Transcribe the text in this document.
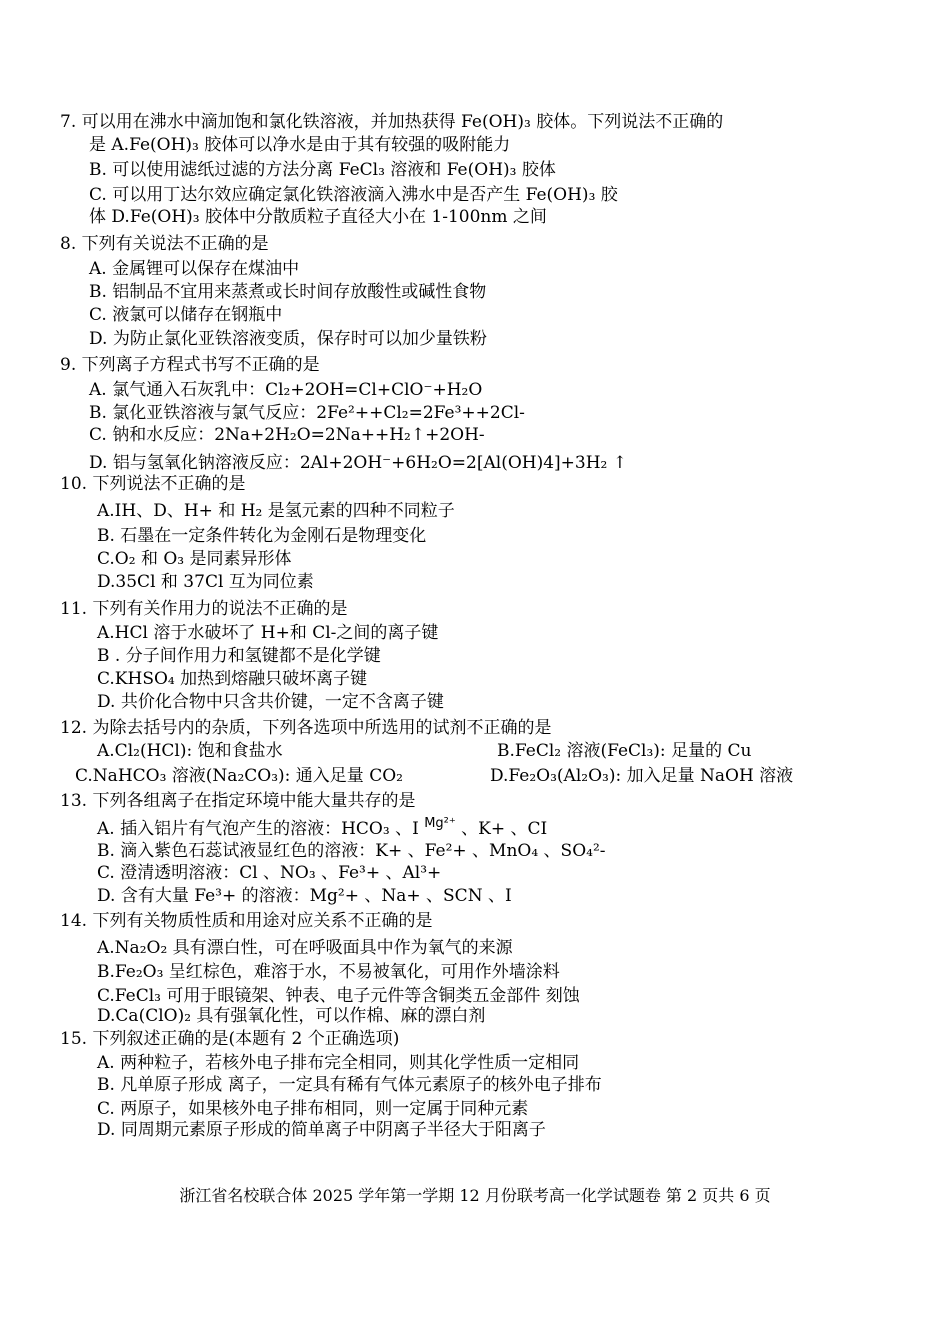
7. 可以用在沸水中滴加饱和氯化铁溶液，并加热获得 Fe(OH)₃ 胶体。下列说法不正确的
是 A.Fe(OH)₃ 胶体可以净水是由于其有较强的吸附能力
B. 可以使用滤纸过滤的方法分离 FeCl₃ 溶液和 Fe(OH)₃ 胶体
C. 可以用丁达尔效应确定氯化铁溶液滴入沸水中是否产生 Fe(OH)₃ 胶
体 D.Fe(OH)₃ 胶体中分散质粒子直径大小在 1-100nm 之间
8. 下列有关说法不正确的是
A. 金属锂可以保存在煤油中
B. 铝制品不宜用来蒸煮或长时间存放酸性或碱性食物
C. 液氯可以储存在钢瓶中
D. 为防止氯化亚铁溶液变质，保存时可以加少量铁粉
9. 下列离子方程式书写不正确的是
A. 氯气通入石灰乳中：Cl₂+2OH=Cl+ClO⁻+H₂O
B. 氯化亚铁溶液与氯气反应：2Fe²++Cl₂=2Fe³++2Cl-
C. 钠和水反应：2Na+2H₂O=2Na++H₂↑+2OH-
D. 铝与氢氧化钠溶液反应：2Al+2OH⁻+6H₂O=2[Al(OH)4]+3H₂ ↑
10. 下列说法不正确的是
A.IH、D、H+ 和 H₂ 是氢元素的四种不同粒子
B. 石墨在一定条件转化为金刚石是物理变化
C.O₂ 和 O₃ 是同素异形体
D.35Cl 和 37Cl 互为同位素
11. 下列有关作用力的说法不正确的是
A.HCl 溶于水破坏了 H+和 Cl-之间的离子键
B . 分子间作用力和氢键都不是化学键
C.KHSO₄ 加热到熔融只破坏离子键
D. 共价化合物中只含共价键，一定不含离子键
12. 为除去括号内的杂质，下列各选项中所选用的试剂不正确的是
A.Cl₂(HCl): 饱和食盐水	B.FeCl₂ 溶液(FeCl₃): 足量的 Cu
C.NaHCO₃ 溶液(Na₂CO₃): 通入足量 CO₂	D.Fe₂O₃(Al₂O₃): 加入足量 NaOH 溶液
13. 下列各组离子在指定环境中能大量共存的是
A. 插入铝片有气泡产生的溶液：HCO₃ 、I $^{Mg^{2+}}$ 、K+ 、CI
B. 滴入紫色石蕊试液显红色的溶液：K+ 、Fe²+ 、MnO₄ 、SO₄²-
C. 澄清透明溶液：Cl 、NO₃ 、Fe³+ 、Al³+
D. 含有大量 Fe³+ 的溶液：Mg²+ 、Na+ 、SCN 、I
14. 下列有关物质性质和用途对应关系不正确的是
A.Na₂O₂ 具有漂白性，可在呼吸面具中作为氧气的来源
B.Fe₂O₃ 呈红棕色，难溶于水，不易被氧化，可用作外墙涂料
C.FeCl₃ 可用于眼镜架、钟表、电子元件等含铜类五金部件 刻蚀
D.Ca(ClO)₂ 具有强氧化性，可以作棉、麻的漂白剂
15. 下列叙述正确的是(本题有 2 个正确选项)
A. 两种粒子，若核外电子排布完全相同，则其化学性质一定相同
B. 凡单原子形成 离子，一定具有稀有气体元素原子的核外电子排布
C. 两原子，如果核外电子排布相同，则一定属于同种元素
D. 同周期元素原子形成的简单离子中阴离子半径大于阳离子
浙江省名校联合体 2025 学年第一学期 12 月份联考高一化学试题卷 第 2 页共 6 页
